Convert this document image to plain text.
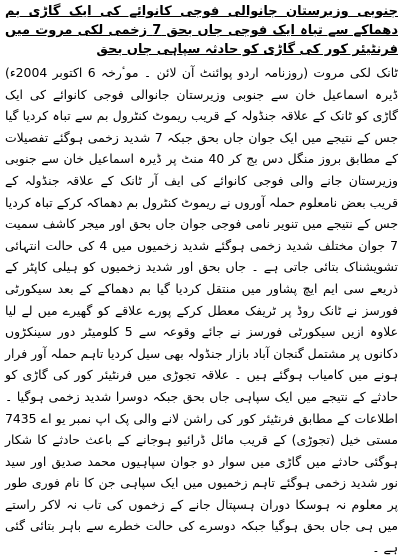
جنوبی وزیرستان جانوالی فوجی کانوائے کی ایک گاڑی بم دھماکے سے تباہ ایک فوجی جاں بحق 7 زخمی لکی مروت میں فرنٹیئر کور کی گاڑی کو حادثہ سپاہی جاں بحق

ٹانک لکی مروت (روزنامہ اردو پوائنٹ آن لائن ۔ موٴرخہ 6 اکتوبر 2004ء) ڈیرہ اسماعیل خان سے جنوبی وزیرستان جانوالی فوجی کانوائے کی ایک گاڑی کو ٹانک کے علاقہ جنڈولہ کے قریب ریموٹ کنٹرول بم سے تباہ کردیا گیا جس کے نتیجے میں ایک جوان جاں بحق جبکہ 7 شدید زخمی ہوگئے تفصیلات کے مطابق بروز منگل دس بج کر 40 منٹ پر ڈیرہ اسماعیل خان سے جنوبی وزیرستان جانے والی فوجی کانوائے کی ایف آر ٹانک کے علاقہ جنڈولہ کے قریب بعض نامعلوم حملہ آوروں نے ریموٹ کنٹرول بم دھماکہ کرکے تباہ کردیا جس کے نتیجے میں تنویر نامی فوجی جوان جاں بحق اور میجر کاشف سمیت 7 جوان مختلف شدید زخمی ہوگئے شدید زخمیوں میں 4 کی حالت انتہائی تشویشناک بتائی جاتی ہے ۔ جاں بحق اور شدید زخمیوں کو ہیلی کاپٹر کے ذریعے سی ایم ایچ پشاور میں منتقل کردیا گیا بم دھماکے کے بعد سیکورٹی فورسز نے ٹانک روڈ پر ٹریفک معطل کرکے پورے علاقے کو گھیرے میں لے لیا علاوہ ازیں سیکورٹی فورسز نے جائے وقوعہ سے 5 کلومیٹر دور سینکڑوں دکانوں پر مشتمل گنجان آباد بازار جنڈولہ بھی سیل کردیا تاہم حملہ آور فرار ہونے میں کامیاب ہوگئے ہیں ۔ علاقہ تجوڑی میں فرنٹیئر کور کی گاڑی کو حادثے کے نتیجے میں ایک سپاہی جاں بحق جبکہ دوسرا شدید زخمی ہوگیا ۔ اطلاعات کے مطابق فرنٹیئر کور کی راشن لانے والی پک اپ نمبر یو اے 7435 مستی خیل (تجوڑی) کے قریب مائل ڈرائیو ہوجانے کے باعث حادثے کا شکار ہوگئی حادثے میں گاڑی میں سوار دو جوان سپاہیوں محمد صدیق اور سید نور شدید زخمی ہوگئے تاہم زخمیوں میں ایک سپاہی جن کا نام فوری طور پر معلوم نہ ہوسکا دوران ہسپتال جانے کے زخموں کی تاب نہ لاکر راستے میں ہی جاں بحق ہوگیا جبکہ دوسرے کی حالت خطرے سے باہر بتائی گئی ہے ۔
